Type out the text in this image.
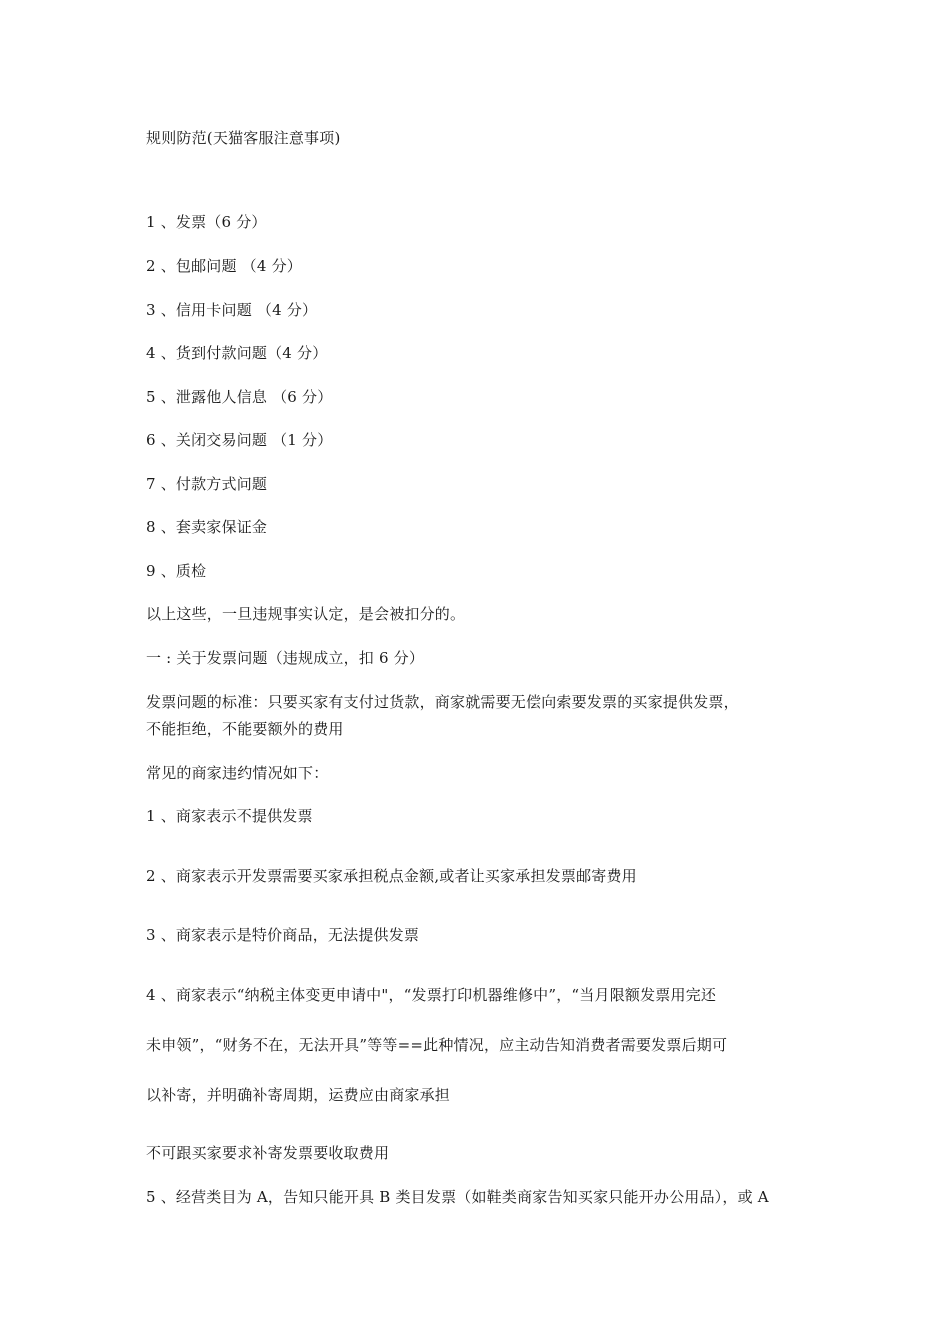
规则防范(天猫客服注意事项)
1 、发票（6 分）
2 、包邮问题 （4 分）
3 、信用卡问题 （4 分）
4 、货到付款问题（4 分）
5 、泄露他人信息 （6 分）
6 、关闭交易问题 （1 分）
7 、付款方式问题
8 、套卖家保证金
9 、质检
以上这些，一旦违规事实认定，是会被扣分的。
一 : 关于发票问题（违规成立，扣 6 分）
发票问题的标准：只要买家有支付过货款，商家就需要无偿向索要发票的买家提供发票，
不能拒绝，不能要额外的费用
常见的商家违约情况如下：
1 、商家表示不提供发票
2 、商家表示开发票需要买家承担税点金额,或者让买家承担发票邮寄费用
3 、商家表示是特价商品，无法提供发票
4 、商家表示“纳税主体变更申请中"，“发票打印机器维修中”，“当月限额发票用完还
未申领”，“财务不在，无法开具”等等==此种情况，应主动告知消费者需要发票后期可
以补寄，并明确补寄周期，运费应由商家承担
不可跟买家要求补寄发票要收取费用
5 、经营类目为 A，告知只能开具 B 类目发票（如鞋类商家告知买家只能开办公用品），或 A
